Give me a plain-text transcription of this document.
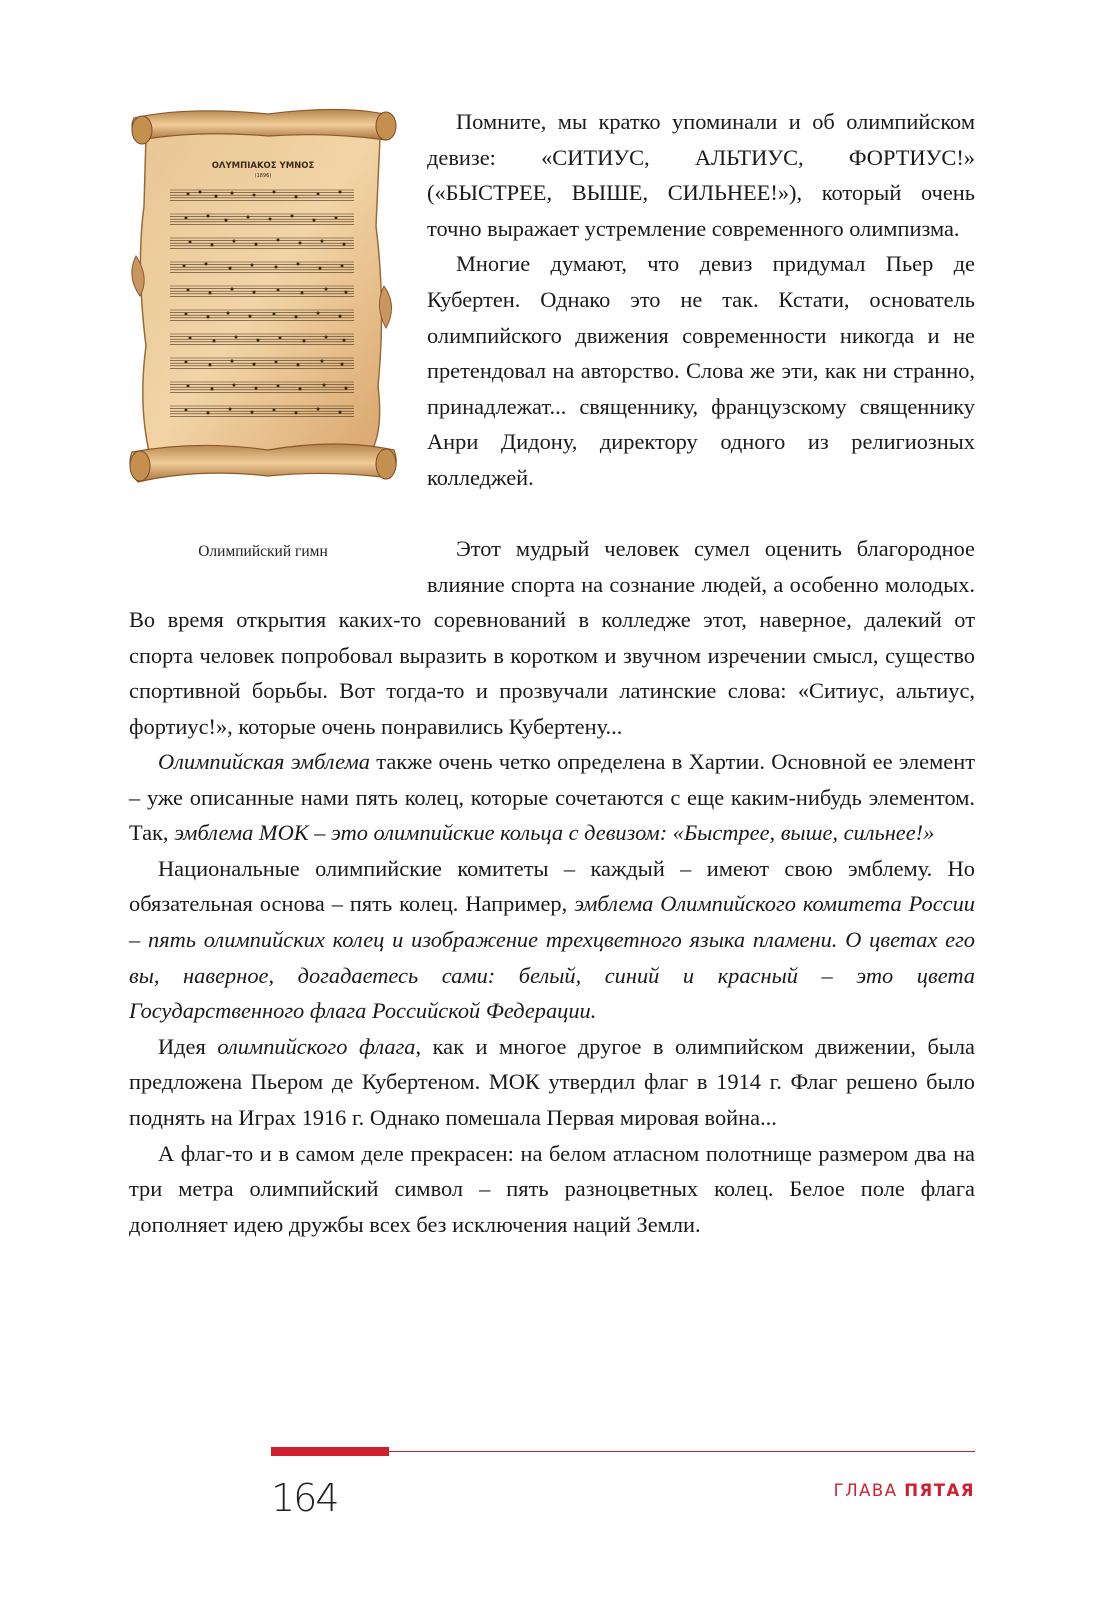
ΟΛΥΜΠΙΑΚΟΣ ΥΜΝΟΣ
(1896)
Олимпийский гимн

Помните, мы кратко упоминали и об олимпийском девизе: «СИТИУС, АЛЬТИУС, ФОРТИУС!» («БЫСТРЕЕ, ВЫШЕ, СИЛЬНЕЕ!»), который очень точно выражает устремление современного олимпизма.

Многие думают, что девиз придумал Пьер де Кубертен. Однако это не так. Кстати, основатель олимпийского движения современности никогда и не претендовал на авторство. Слова же эти, как ни странно, принадлежат... священнику, французскому священнику Анри Дидону, директору одного из религиозных колледжей.

Этот мудрый человек сумел оценить благородное влияние спорта на сознание людей, а особенно молодых. Во время открытия каких-то соревнований в колледже этот, наверное, далекий от спорта человек попробовал выразить в коротком и звучном изречении смысл, существо спортивной борьбы. Вот тогда-то и прозвучали латинские слова: «Ситиус, альтиус, фортиус!», которые очень понравились Кубертену...

Олимпийская эмблема также очень четко определена в Хартии. Основной ее элемент – уже описанные нами пять колец, которые сочетаются с еще каким-нибудь элементом. Так, эмблема МОК – это олимпийские кольца с девизом: «Быстрее, выше, сильнее!»

Национальные олимпийские комитеты – каждый – имеют свою эмблему. Но обязательная основа – пять колец. Например, эмблема Олимпийского комитета России – пять олимпийских колец и изображение трехцветного языка пламени. О цветах его вы, наверное, догадаетесь сами: белый, синий и красный – это цвета Государственного флага Российской Федерации.

Идея олимпийского флага, как и многое другое в олимпийском движении, была предложена Пьером де Кубертеном. МОК утвердил флаг в 1914 г. Флаг решено было поднять на Играх 1916 г. Однако помешала Первая мировая война...

А флаг-то и в самом деле прекрасен: на белом атласном полотнище размером два на три метра олимпийский символ – пять разноцветных колец. Белое поле флага дополняет идею дружбы всех без исключения наций Земли.

164	ГЛАВА ПЯТАЯ
